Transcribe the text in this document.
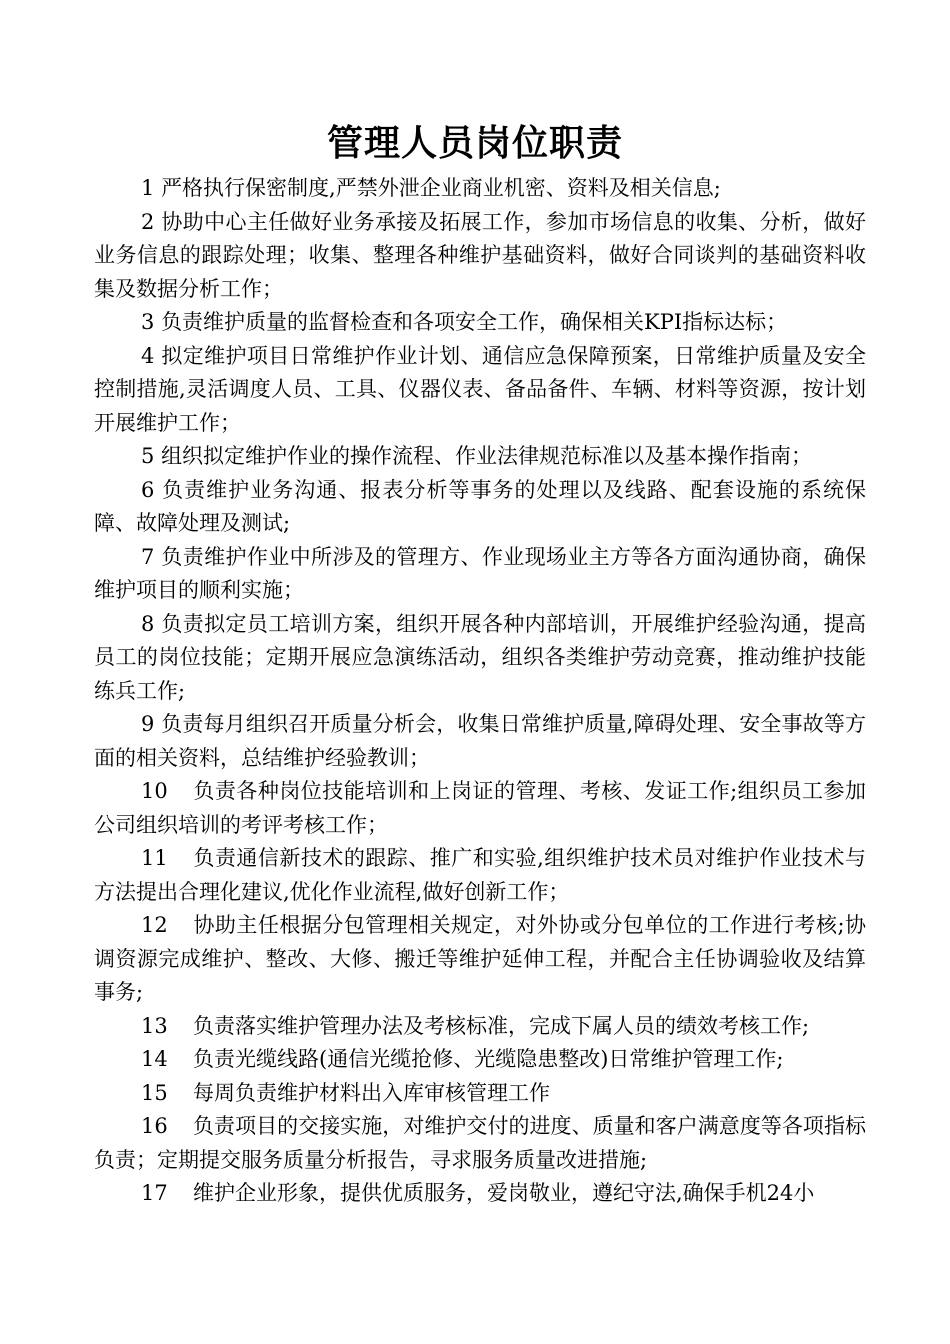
管理人员岗位职责

1 严格执行保密制度,严禁外泄企业商业机密、资料及相关信息;

2 协助中心主任做好业务承接及拓展工作，参加市场信息的收集、分析，做好业务信息的跟踪处理；收集、整理各种维护基础资料，做好合同谈判的基础资料收集及数据分析工作；

3 负责维护质量的监督检查和各项安全工作，确保相关KPI指标达标；

4 拟定维护项目日常维护作业计划、通信应急保障预案，日常维护质量及安全控制措施,灵活调度人员、工具、仪器仪表、备品备件、车辆、材料等资源，按计划开展维护工作；

5 组织拟定维护作业的操作流程、作业法律规范标准以及基本操作指南；

6 负责维护业务沟通、报表分析等事务的处理以及线路、配套设施的系统保障、故障处理及测试;

7 负责维护作业中所涉及的管理方、作业现场业主方等各方面沟通协商，确保维护项目的顺利实施；

8 负责拟定员工培训方案，组织开展各种内部培训，开展维护经验沟通，提高员工的岗位技能；定期开展应急演练活动，组织各类维护劳动竞赛，推动维护技能练兵工作;

9 负责每月组织召开质量分析会，收集日常维护质量,障碍处理、安全事故等方面的相关资料，总结维护经验教训；

10 负责各种岗位技能培训和上岗证的管理、考核、发证工作;组织员工参加公司组织培训的考评考核工作；

11 负责通信新技术的跟踪、推广和实验,组织维护技术员对维护作业技术与方法提出合理化建议,优化作业流程,做好创新工作；

12 协助主任根据分包管理相关规定，对外协或分包单位的工作进行考核;协调资源完成维护、整改、大修、搬迁等维护延伸工程，并配合主任协调验收及结算事务;

13 负责落实维护管理办法及考核标准，完成下属人员的绩效考核工作;

14 负责光缆线路(通信光缆抢修、光缆隐患整改)日常维护管理工作;

15 每周负责维护材料出入库审核管理工作

16 负责项目的交接实施，对维护交付的进度、质量和客户满意度等各项指标负责；定期提交服务质量分析报告，寻求服务质量改进措施;

17 维护企业形象，提供优质服务，爱岗敬业，遵纪守法,确保手机24小
